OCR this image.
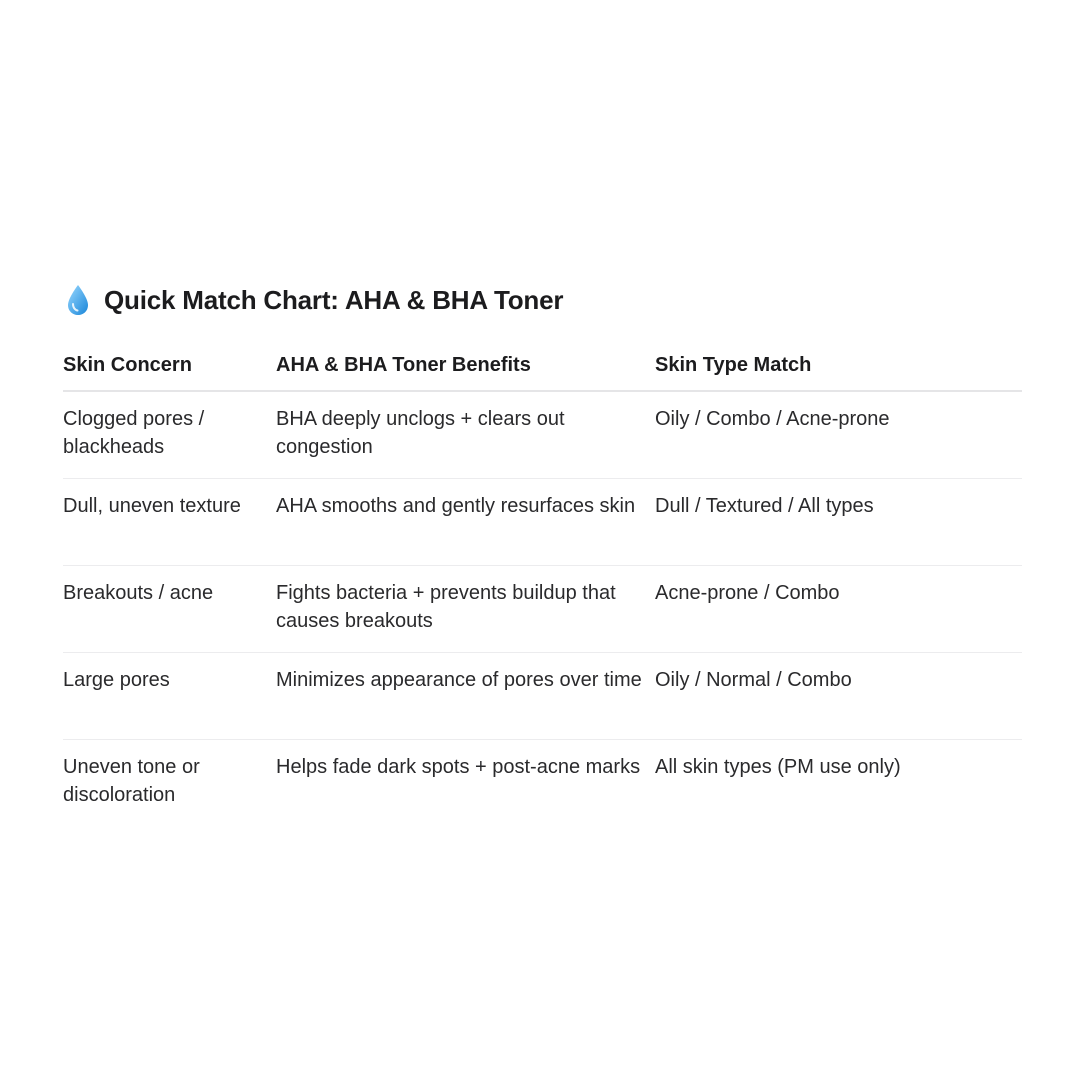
Quick Match Chart: AHA & BHA Toner
Skin Concern	AHA & BHA Toner Benefits	Skin Type Match
Clogged pores / blackheads	BHA deeply unclogs + clears out congestion	Oily / Combo / Acne-prone
Dull, uneven texture	AHA smooths and gently resurfaces skin	Dull / Textured / All types
Breakouts / acne	Fights bacteria + prevents buildup that causes breakouts	Acne-prone / Combo
Large pores	Minimizes appearance of pores over time	Oily / Normal / Combo
Uneven tone or discoloration	Helps fade dark spots + post-acne marks	All skin types (PM use only)
